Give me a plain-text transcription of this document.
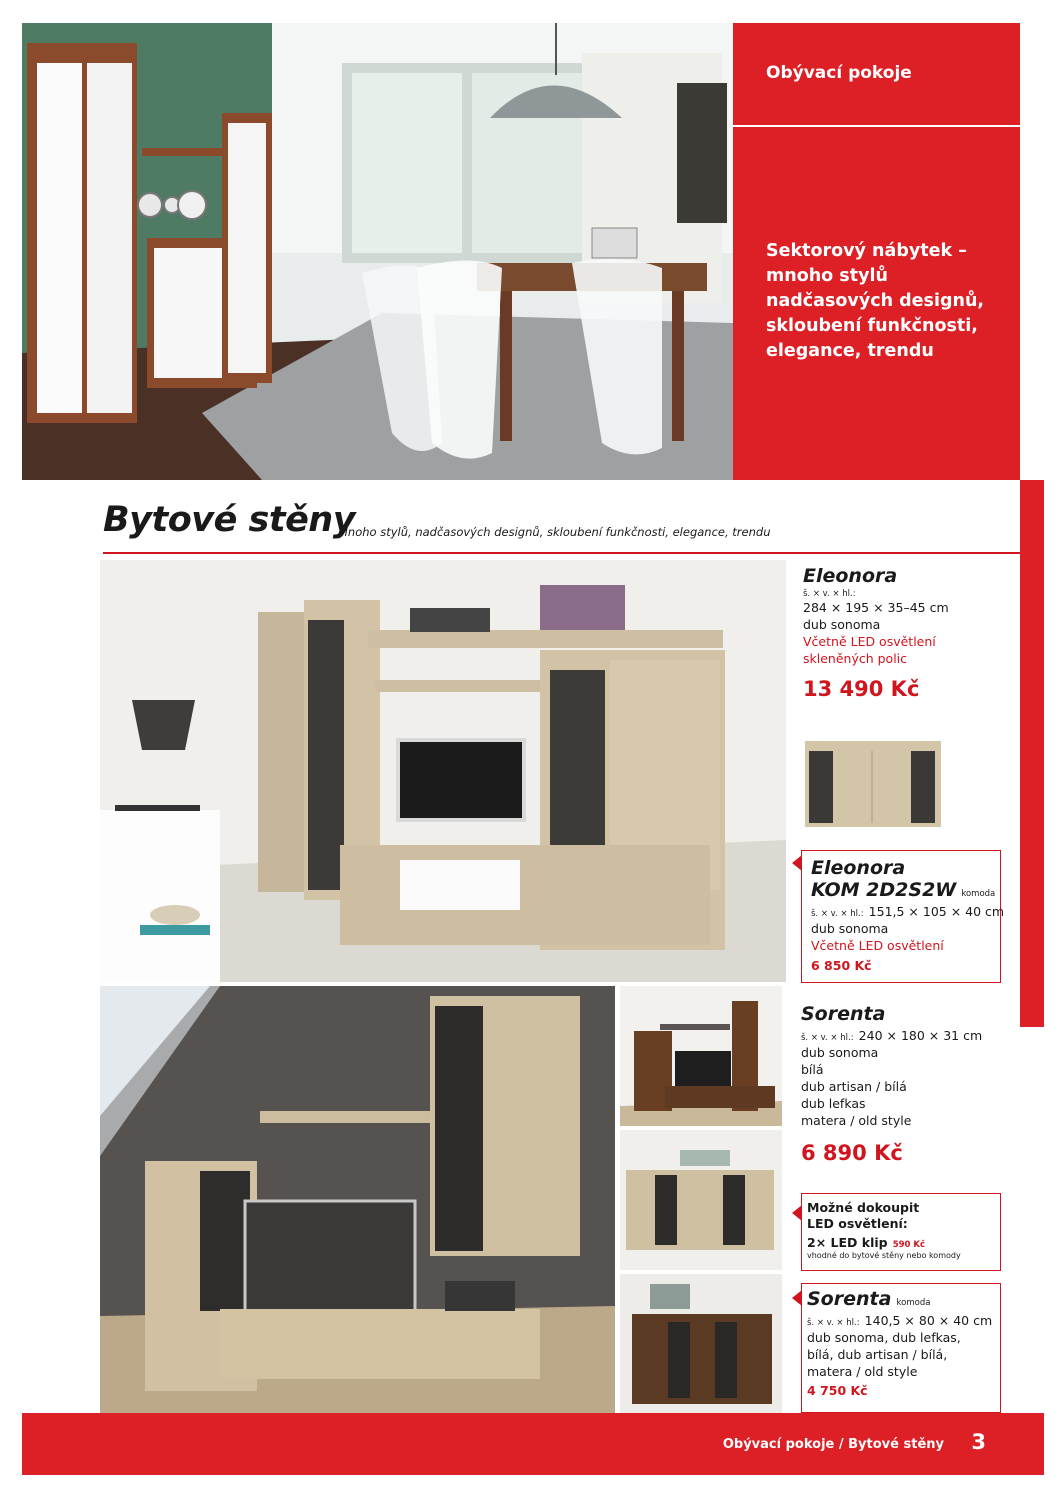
Obývací pokoje
Sektorový nábytek – mnoho stylů nadčasových designů, skloubení funkčnosti, elegance, trendu
Bytové stěny
Mnoho stylů, nadčasových designů, skloubení funkčnosti, elegance, trendu
Eleonora
š. × v. × hl.:
284 × 195 × 35–45 cm
dub sonoma
Včetně LED osvětlení
skleněných polic
13 490 Kč
Eleonora
KOM 2D2S2W komoda
š. × v. × hl.: 151,5 × 105 × 40 cm
dub sonoma
Včetně LED osvětlení
6 850 Kč
Sorenta
š. × v. × hl.: 240 × 180 × 31 cm
dub sonoma
bílá
dub artisan / bílá
dub lefkas
matera / old style
6 890 Kč
Možné dokoupit
LED osvětlení:
2× LED klip 590 Kč
vhodné do bytové stěny nebo komody
Sorenta komoda
š. × v. × hl.: 140,5 × 80 × 40 cm
dub sonoma, dub lefkas,
bílá, dub artisan / bílá,
matera / old style
4 750 Kč
Obývací pokoje / Bytové stěny 3
